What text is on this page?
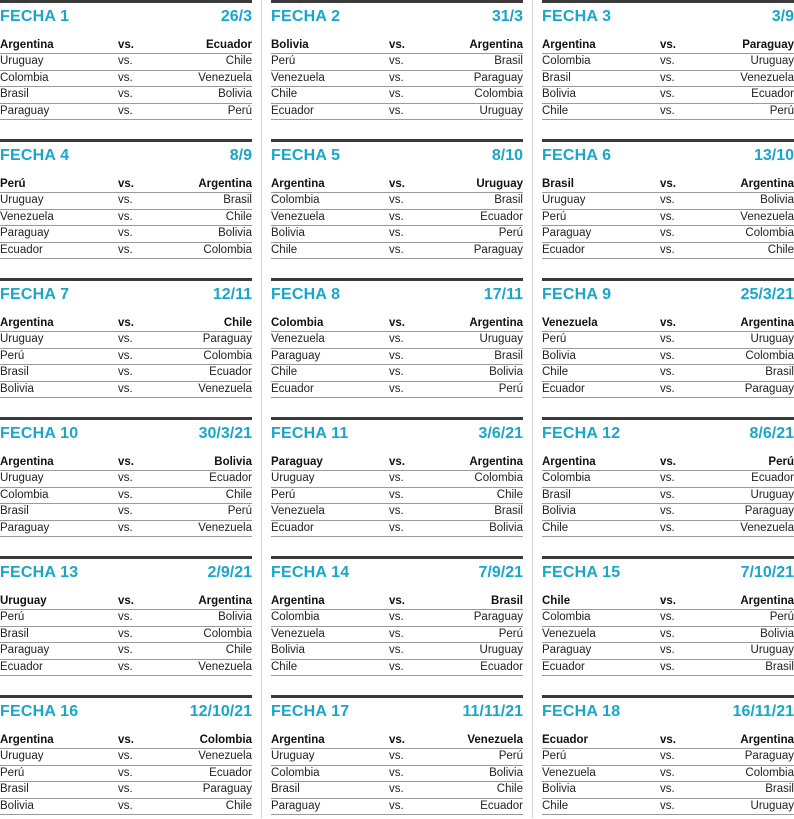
FECHA 1	26/3
Argentina	vs.	Ecuador
Uruguay	vs.	Chile
Colombia	vs.	Venezuela
Brasil	vs.	Bolivia
Paraguay	vs.	Perú
FECHA 4	8/9
Perú	vs.	Argentina
Uruguay	vs.	Brasil
Venezuela	vs.	Chile
Paraguay	vs.	Bolivia
Ecuador	vs.	Colombia
FECHA 7	12/11
Argentina	vs.	Chile
Uruguay	vs.	Paraguay
Perú	vs.	Colombia
Brasil	vs.	Ecuador
Bolivia	vs.	Venezuela
FECHA 10	30/3/21
Argentina	vs.	Bolivia
Uruguay	vs.	Ecuador
Colombia	vs.	Chile
Brasil	vs.	Perú
Paraguay	vs.	Venezuela
FECHA 13	2/9/21
Uruguay	vs.	Argentina
Perú	vs.	Bolivia
Brasil	vs.	Colombia
Paraguay	vs.	Chile
Ecuador	vs.	Venezuela
FECHA 16	12/10/21
Argentina	vs.	Colombia
Uruguay	vs.	Venezuela
Perú	vs.	Ecuador
Brasil	vs.	Paraguay
Bolivia	vs.	Chile
FECHA 2	31/3
Bolivia	vs.	Argentina
Perú	vs.	Brasil
Venezuela	vs.	Paraguay
Chile	vs.	Colombia
Ecuador	vs.	Uruguay
FECHA 5	8/10
Argentina	vs.	Uruguay
Colombia	vs.	Brasil
Venezuela	vs.	Ecuador
Bolivia	vs.	Perú
Chile	vs.	Paraguay
FECHA 8	17/11
Colombia	vs.	Argentina
Venezuela	vs.	Uruguay
Paraguay	vs.	Brasil
Chile	vs.	Bolivia
Ecuador	vs.	Perú
FECHA 11	3/6/21
Paraguay	vs.	Argentina
Uruguay	vs.	Colombia
Perú	vs.	Chile
Venezuela	vs.	Brasil
Ecuador	vs.	Bolivia
FECHA 14	7/9/21
Argentina	vs.	Brasil
Colombia	vs.	Paraguay
Venezuela	vs.	Perú
Bolivia	vs.	Uruguay
Chile	vs.	Ecuador
FECHA 17	11/11/21
Argentina	vs.	Venezuela
Uruguay	vs.	Perú
Colombia	vs.	Bolivia
Brasil	vs.	Chile
Paraguay	vs.	Ecuador
FECHA 3	3/9
Argentina	vs.	Paraguay
Colombia	vs.	Uruguay
Brasil	vs.	Venezuela
Bolivia	vs.	Ecuador
Chile	vs.	Perú
FECHA 6	13/10
Brasil	vs.	Argentina
Uruguay	vs.	Bolivia
Perú	vs.	Venezuela
Paraguay	vs.	Colombia
Ecuador	vs.	Chile
FECHA 9	25/3/21
Venezuela	vs.	Argentina
Perú	vs.	Uruguay
Bolivia	vs.	Colombia
Chile	vs.	Brasil
Ecuador	vs.	Paraguay
FECHA 12	8/6/21
Argentina	vs.	Perú
Colombia	vs.	Ecuador
Brasil	vs.	Uruguay
Bolivia	vs.	Paraguay
Chile	vs.	Venezuela
FECHA 15	7/10/21
Chile	vs.	Argentina
Colombia	vs.	Perú
Venezuela	vs.	Bolivia
Paraguay	vs.	Uruguay
Ecuador	vs.	Brasil
FECHA 18	16/11/21
Ecuador	vs.	Argentina
Perú	vs.	Paraguay
Venezuela	vs.	Colombia
Bolivia	vs.	Brasil
Chile	vs.	Uruguay
